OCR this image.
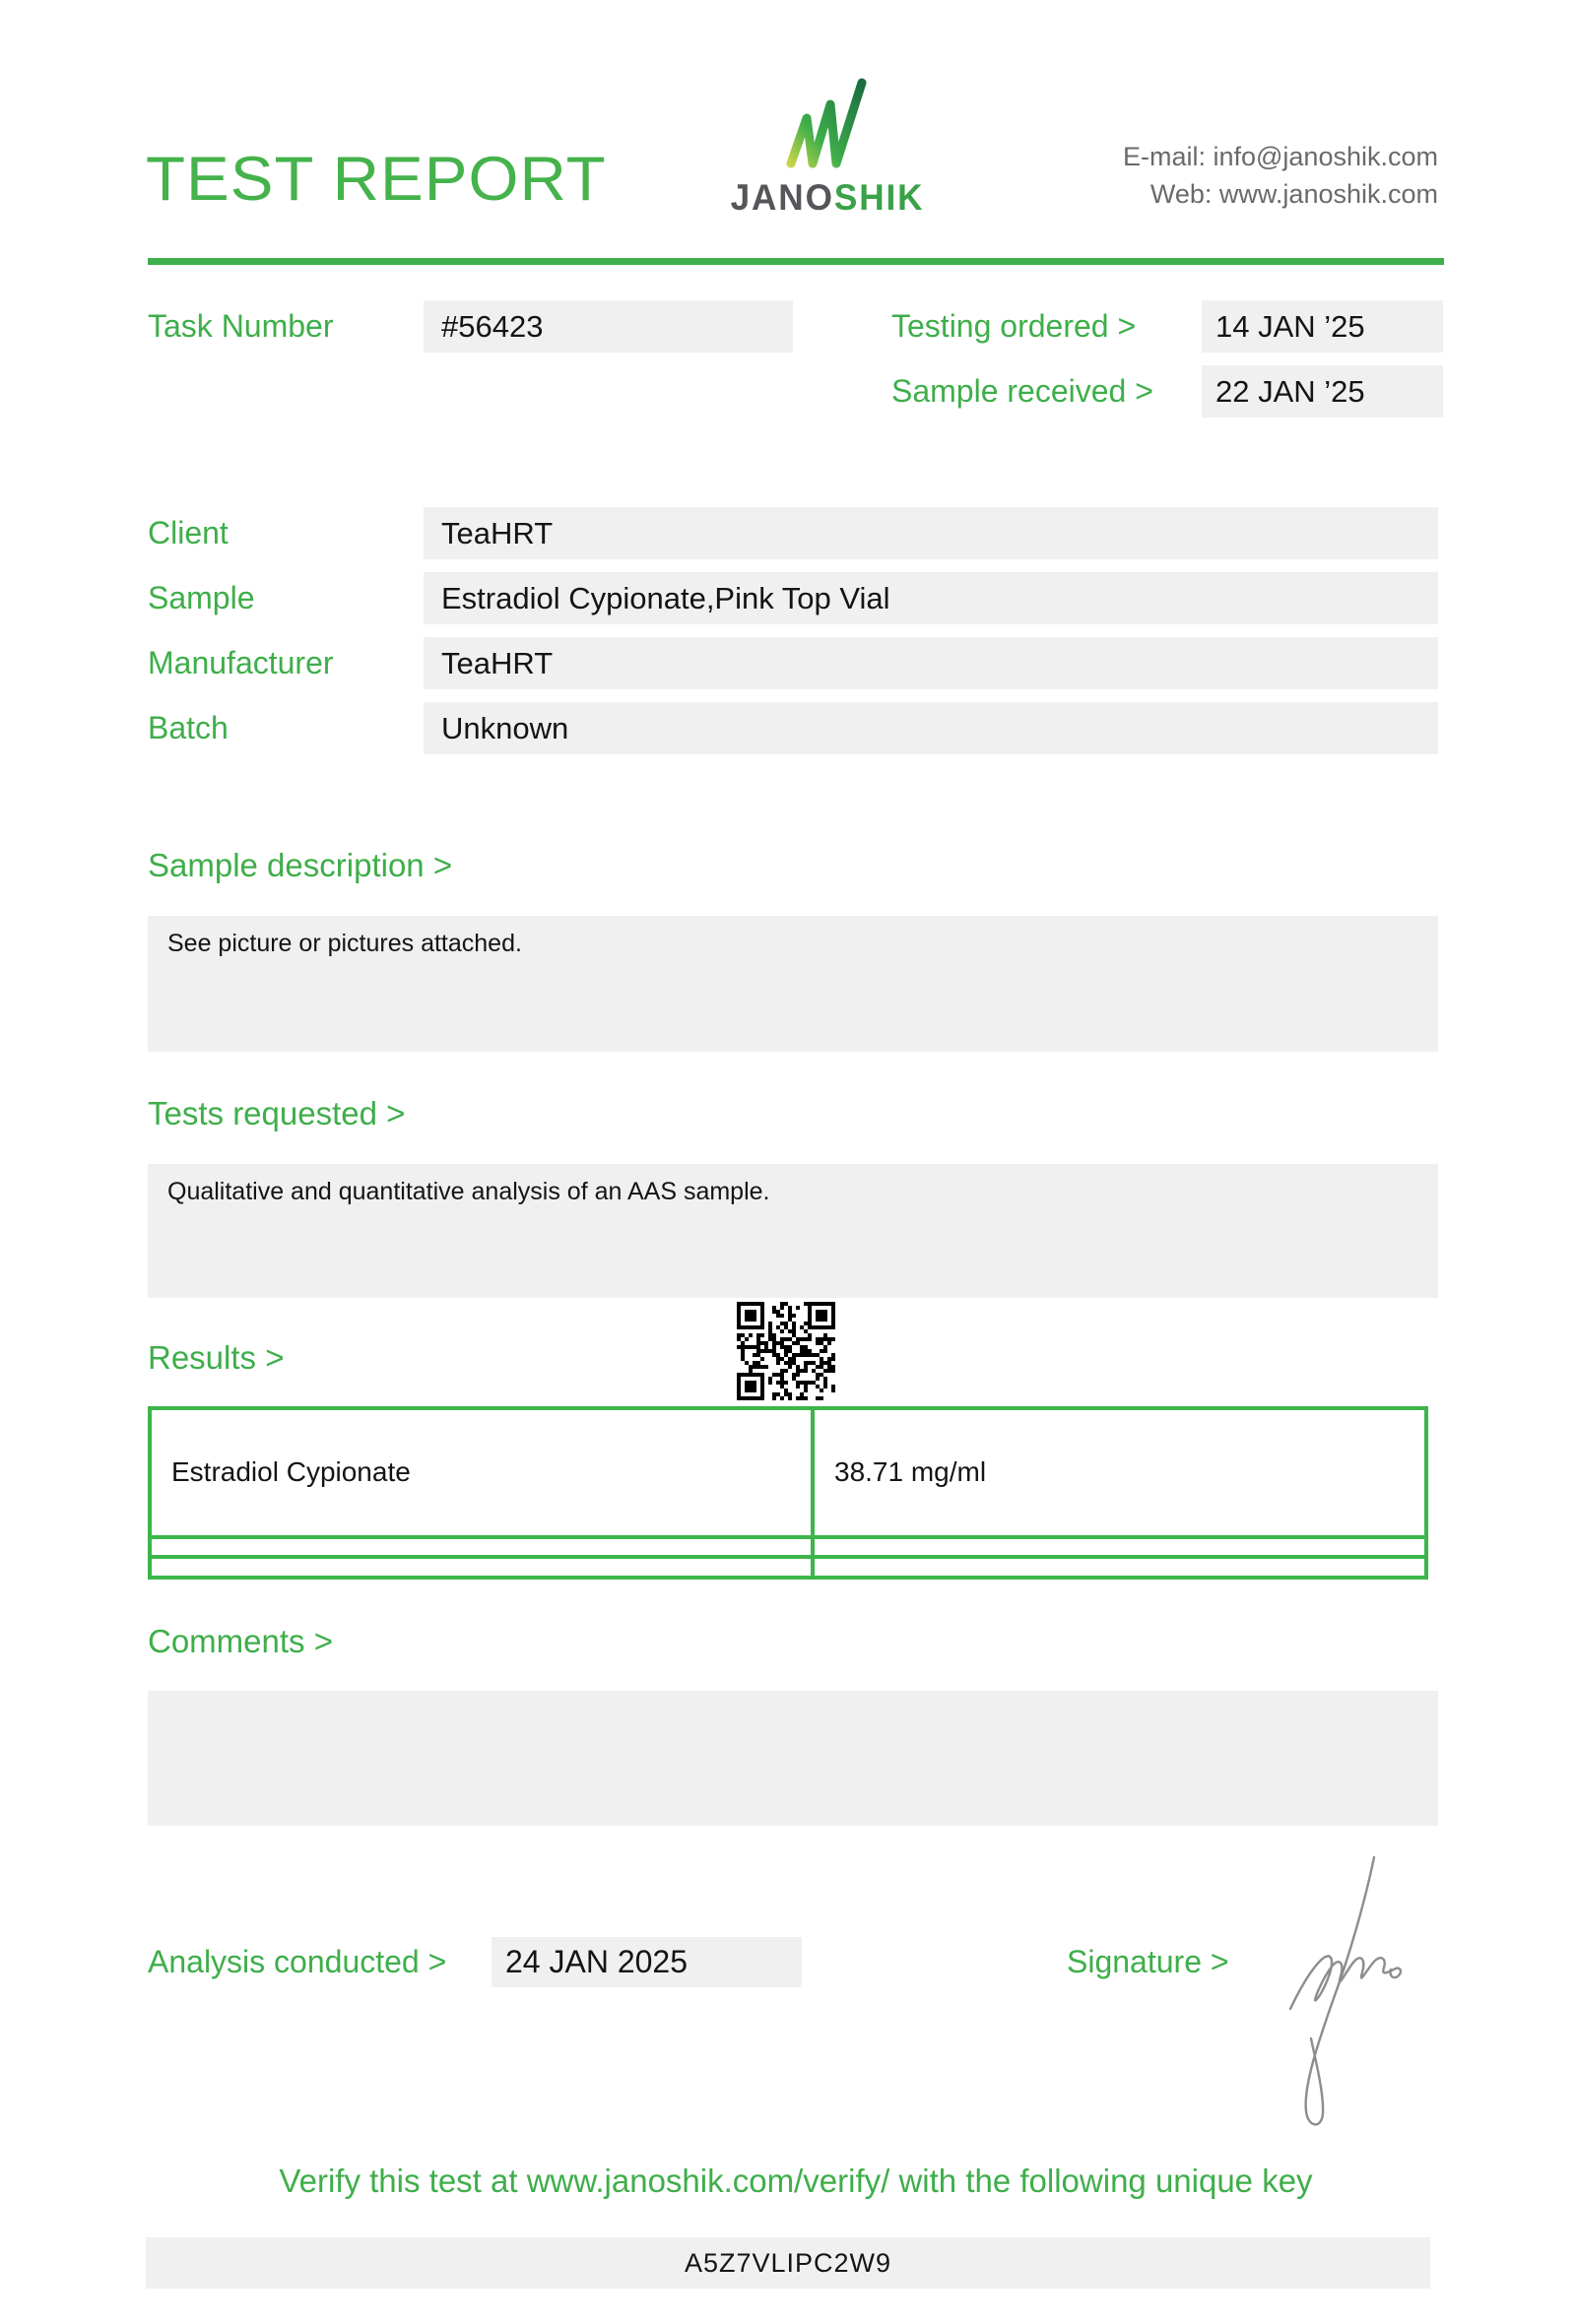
TEST REPORT	JANOSHIK
E-mail: info@janoshik.com
Web: www.janoshik.com
Task Number	#56423	Testing ordered >	14 JAN ’25
Sample received >	22 JAN ’25
Client	TeaHRT
Sample	Estradiol Cypionate,Pink Top Vial
Manufacturer	TeaHRT
Batch	Unknown
Sample description >
See picture or pictures attached.
Tests requested >
Qualitative and quantitative analysis of an AAS sample.
Results >
Estradiol Cypionate	38.71 mg/ml

Comments >
Analysis conducted >	24 JAN 2025	Signature >
Verify this test at www.janoshik.com/verify/ with the following unique key
A5Z7VLIPC2W9
